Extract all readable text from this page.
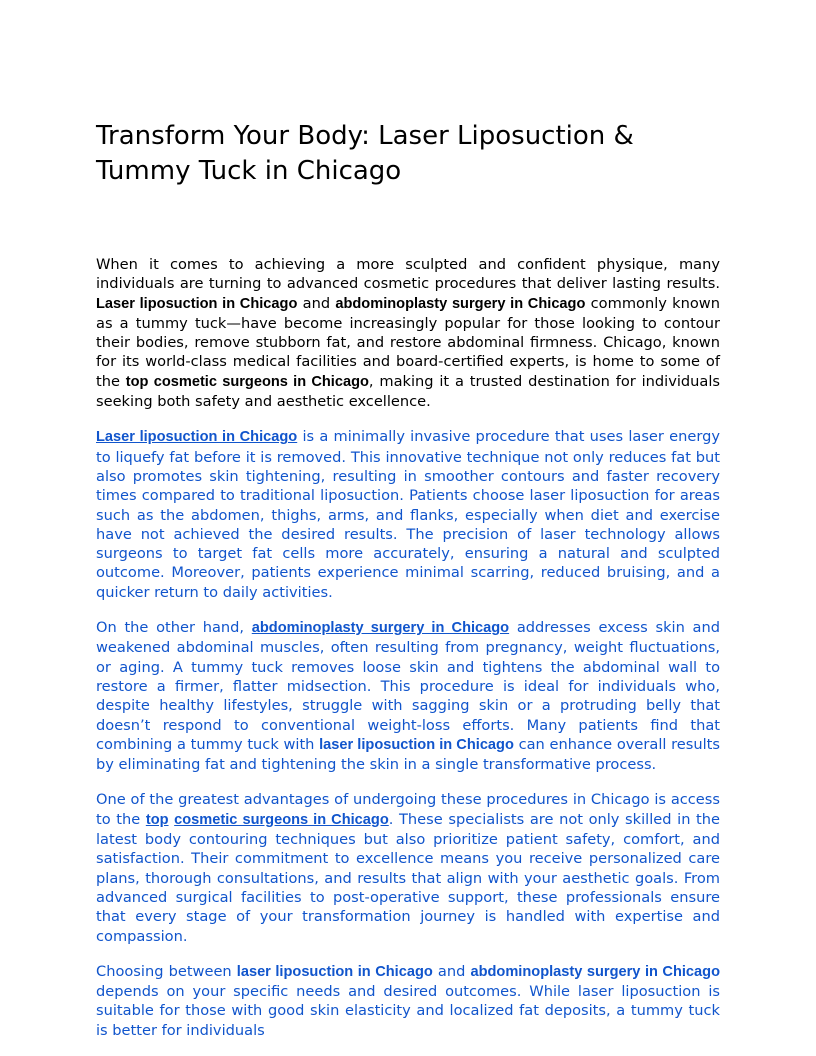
Transform Your Body: Laser Liposuction & Tummy Tuck in Chicago

When it comes to achieving a more sculpted and confident physique, many individuals are turning to advanced cosmetic procedures that deliver lasting results. Laser liposuction in Chicago and abdominoplasty surgery in Chicago commonly known as a tummy tuck—have become increasingly popular for those looking to contour their bodies, remove stubborn fat, and restore abdominal firmness. Chicago, known for its world-class medical facilities and board-certified experts, is home to some of the top cosmetic surgeons in Chicago, making it a trusted destination for individuals seeking both safety and aesthetic excellence.

Laser liposuction in Chicago is a minimally invasive procedure that uses laser energy to liquefy fat before it is removed. This innovative technique not only reduces fat but also promotes skin tightening, resulting in smoother contours and faster recovery times compared to traditional liposuction. Patients choose laser liposuction for areas such as the abdomen, thighs, arms, and flanks, especially when diet and exercise have not achieved the desired results. The precision of laser technology allows surgeons to target fat cells more accurately, ensuring a natural and sculpted outcome. Moreover, patients experience minimal scarring, reduced bruising, and a quicker return to daily activities.

On the other hand, abdominoplasty surgery in Chicago addresses excess skin and weakened abdominal muscles, often resulting from pregnancy, weight fluctuations, or aging. A tummy tuck removes loose skin and tightens the abdominal wall to restore a firmer, flatter midsection. This procedure is ideal for individuals who, despite healthy lifestyles, struggle with sagging skin or a protruding belly that doesn’t respond to conventional weight-loss efforts. Many patients find that combining a tummy tuck with laser liposuction in Chicago can enhance overall results by eliminating fat and tightening the skin in a single transformative process.

One of the greatest advantages of undergoing these procedures in Chicago is access to the top cosmetic surgeons in Chicago. These specialists are not only skilled in the latest body contouring techniques but also prioritize patient safety, comfort, and satisfaction. Their commitment to excellence means you receive personalized care plans, thorough consultations, and results that align with your aesthetic goals. From advanced surgical facilities to post-operative support, these professionals ensure that every stage of your transformation journey is handled with expertise and compassion.

Choosing between laser liposuction in Chicago and abdominoplasty surgery in Chicago depends on your specific needs and desired outcomes. While laser liposuction is suitable for those with good skin elasticity and localized fat deposits, a tummy tuck is better for individuals
